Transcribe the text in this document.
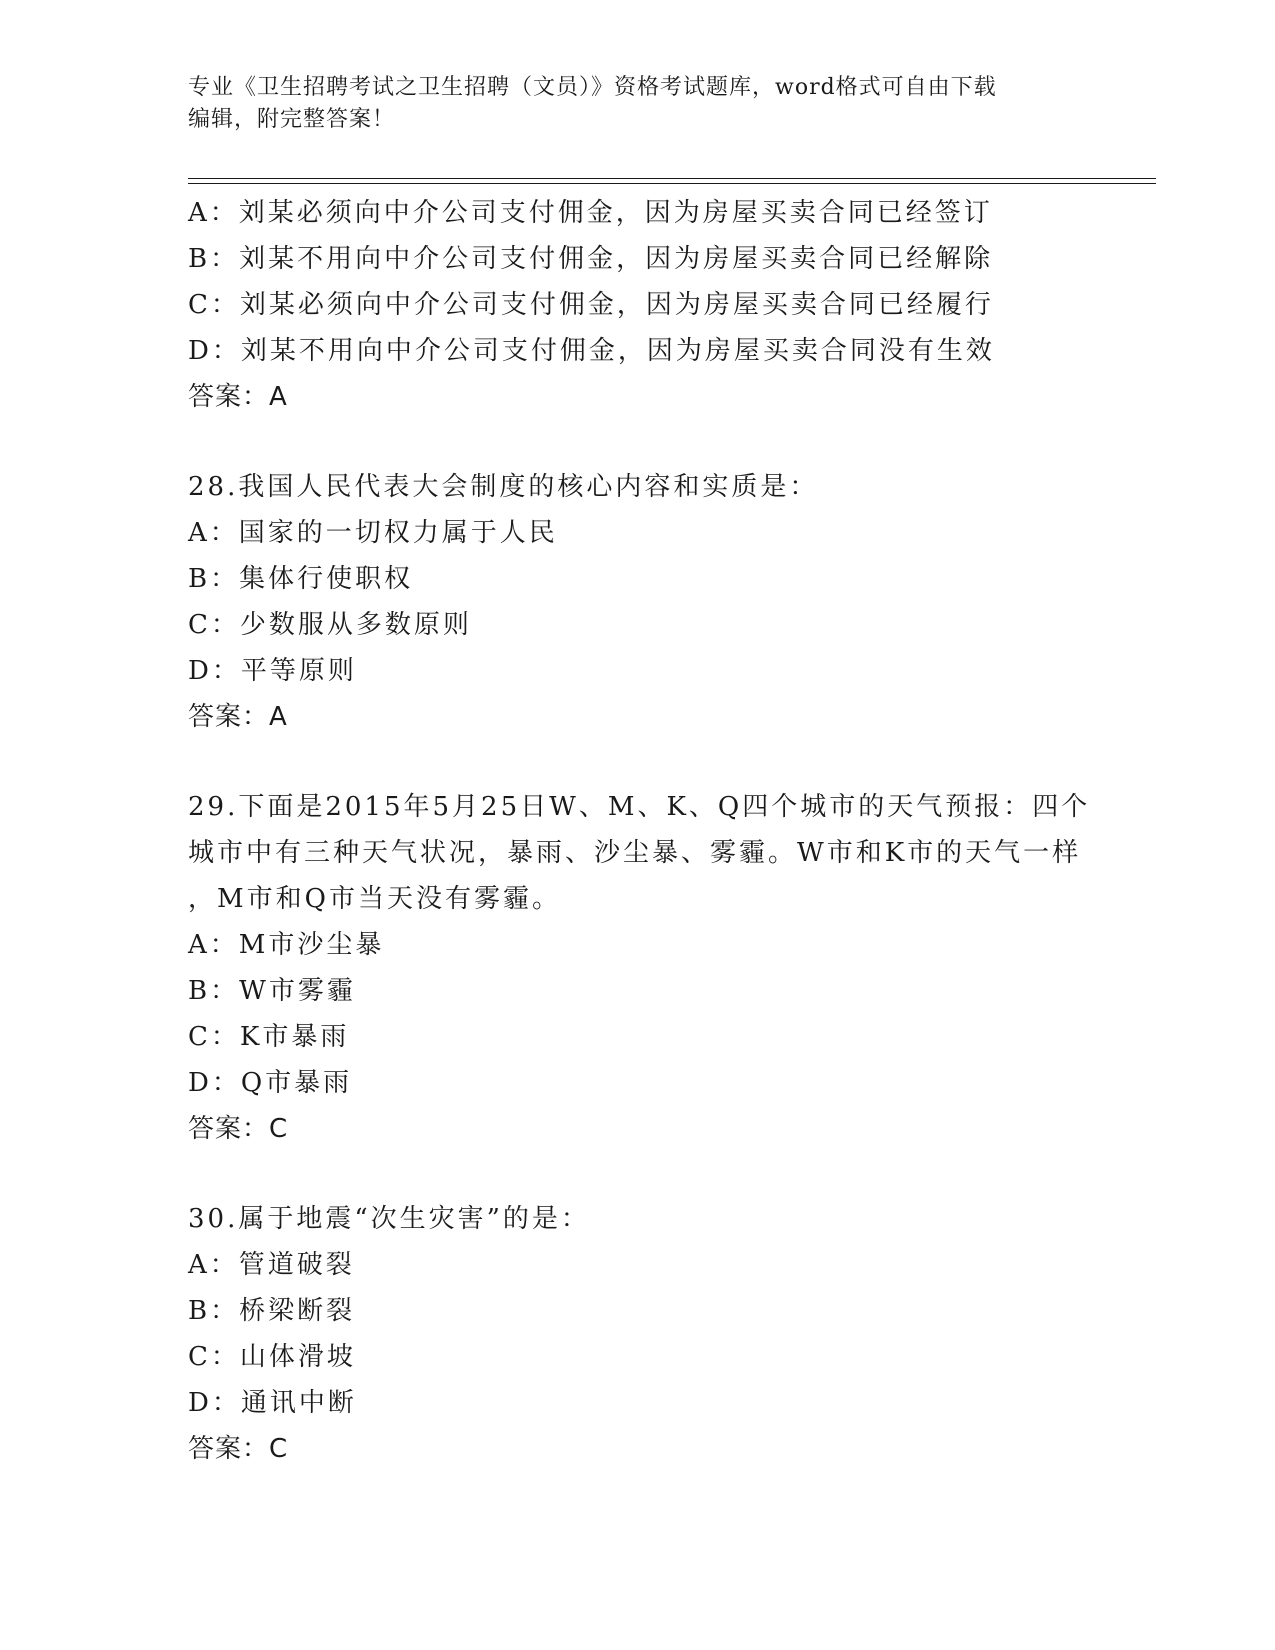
专业《卫生招聘考试之卫生招聘（文员）》资格考试题库，word格式可自由下载
编辑，附完整答案！

A：刘某必须向中介公司支付佣金，因为房屋买卖合同已经签订

B：刘某不用向中介公司支付佣金，因为房屋买卖合同已经解除

C：刘某必须向中介公司支付佣金，因为房屋买卖合同已经履行

D：刘某不用向中介公司支付佣金，因为房屋买卖合同没有生效

答案：A

28.我国人民代表大会制度的核心内容和实质是：

A：国家的一切权力属于人民

B：集体行使职权

C：少数服从多数原则

D：平等原则

答案：A

29.下面是2015年5月25日W、M、K、Q四个城市的天气预报：四个

城市中有三种天气状况，暴雨、沙尘暴、雾霾。W市和K市的天气一样

，M市和Q市当天没有雾霾。

A：M市沙尘暴

B：W市雾霾

C：K市暴雨

D：Q市暴雨

答案：C

30.属于地震“次生灾害”的是：

A：管道破裂

B：桥梁断裂

C：山体滑坡

D：通讯中断

答案：C
